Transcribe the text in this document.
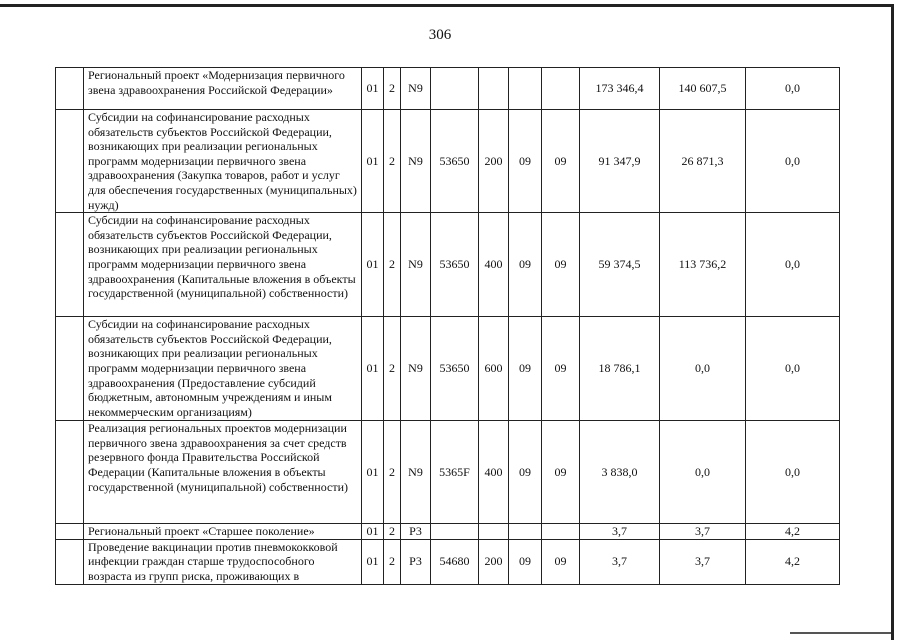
306
	Региональный проект «Модернизация первичного звена здравоохранения Российской Федерации»	01	2	N9					173 346,4	140 607,5	0,0
	Субсидии на софинансирование расходных обязательств субъектов Российской Федерации, возникающих при реализации региональных программ модернизации первичного звена здравоохранения (Закупка товаров, работ и услуг для обеспечения государственных (муниципальных) нужд)	01	2	N9	53650	200	09	09	91 347,9	26 871,3	0,0
	Субсидии на софинансирование расходных обязательств субъектов Российской Федерации, возникающих при реализации региональных программ модернизации первичного звена здравоохранения (Капитальные вложения в объекты государственной (муниципальной) собственности)	01	2	N9	53650	400	09	09	59 374,5	113 736,2	0,0
	Субсидии на софинансирование расходных обязательств субъектов Российской Федерации, возникающих при реализации региональных программ модернизации первичного звена здравоохранения (Предоставление субсидий бюджетным, автономным учреждениям и иным некоммерческим организациям)	01	2	N9	53650	600	09	09	18 786,1	0,0	0,0
	Реализация региональных проектов модернизации первичного звена здравоохранения за счет средств резервного фонда Правительства Российской Федерации (Капитальные вложения в объекты государственной (муниципальной) собственности)	01	2	N9	5365F	400	09	09	3 838,0	0,0	0,0
	Региональный проект «Старшее поколение»	01	2	P3					3,7	3,7	4,2
	Проведение вакцинации против пневмококковой инфекции граждан старше трудоспособного возраста из групп риска, проживающих в	01	2	P3	54680	200	09	09	3,7	3,7	4,2
